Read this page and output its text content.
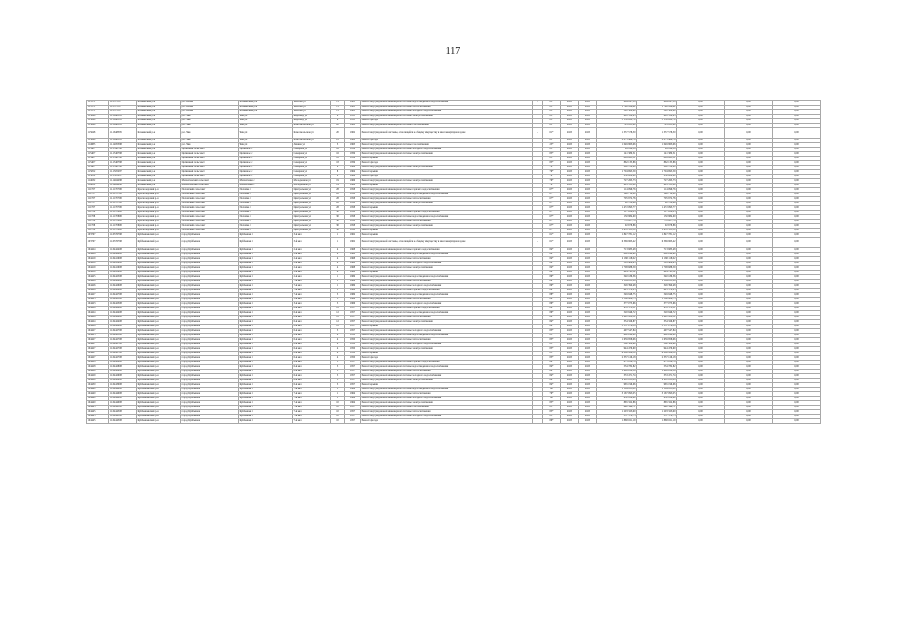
117
115371	11.337.107	Кочкинский р-н	р.п. Кочки	Кочкинский р-н	Чкалова ул	11	1961	Ремонт внутридомовой инженерной системы водоотведения и водоснабжения	-	83*	2025	2025	664 047,18	664 047,18	0,00	0,00	0,00
115371	11.337.107	Кочкинский р-н	р.п. Кочки	Кочкинский р-н	Чкалова ул	11	1961	Ремонт внутридомовой инженерной системы теплоснабжения		83*	2025	2025	1 746 414,92	1 746 414,92	0,00	0,00	0,00
115371	11.337.107	Кочкинский р-н	р.п. Кочки	Кочкинский р-н	Чкалова ул	11	1961	Ремонт внутридомовой инженерной системы холодного водоснабжения		83*	2025	2025	520 300,00	520 300,00	0,00	0,00	0,00
115648	11.1648385	Кочкинский р-н	р.п. Чик	Чик рп	Кирзавод ул	6	1953	Ремонт внутридомовой инженерной системы электроснабжения		83*	2025	2025	661 530,85	661 530,85	0,00	0,00	0,00
115648	11.1648385	Кочкинский р-н	р.п. Чик	Чик рп	Кирзавод ул	6	1953	Ремонт фасада		83*	2025	2025	5 158 622,79	5 158 622,79	0,00	0,00	0,00
115648	11.1648385	Кочкинский р-н	р.п. Чик	Чик рп	Комсомольская ул	20	1962	Ремонт внутридомовой инженерной системы газоснабжения		61*	2025	2025	793 935,80	793 935,80	0,00	0,00	0,00
115648	11.1648385	Кочкинский р-н	р.п. Чик	Чик рп	Комсомольская ул	20	1962	Ремонт внутридомовой системы, относящейся к общему имуществу в многоквартирном доме	-	61*	2025	2025	1 357 578,30	1 357 578,30	0,00	0,00	0,00
115648	11.1648385	Кочкинский р-н	р.п. Чик	Чик рп	Комсомольская ул	23	1962	Ремонт фасада		61*	2025	2025	2 875 466,76	2 875 466,76	0,00	0,00	0,00
114885	11.1485388	Кочкинский р-н	р.п. Чик	Чик рп	Ленина ул	3	1963	Ремонт внутридомовой инженерной системы газоснабжения		25*	2025	2025	1 049 863,66	1 049 863,66	0,00	0,00	0,00
115407	11.1540798	Кочкинский р-н	Целинный сельсовет	Целинное с	Северная ул	16	1959	Ремонт внутридомовой инженерной системы холодного водоснабжения		85*	2025	2025	99 164,38	99 164,38	0,00	0,00	0,00
115407	11.1540798	Кочкинский р-н	Целинный сельсовет	Целинное с	Северная ул	16	1959	Ремонт внутридомовой инженерной системы электроснабжения		85*	2025	2025	141 380,51	141 380,51	0,00	0,00	0,00
115407	11.1540798	Кочкинский р-н	Целинный сельсовет	Целинное с	Северная ул	18	1959	Ремонт крыши		85*	2025	2025	809 063,51	809 063,51	0,00	0,00	0,00
115407	11.1540798	Кочкинский р-н	Целинный сельсовет	Целинное с	Северная ул	18	1959	Ремонт фасада		85*	2025	2025	862 135,86	862 135,86	0,00	0,00	0,00
115407	11.1540798	Кочкинский р-н	Целинный сельсовет	Целинное с	Северная ул	6	1964	Ремонт внутридомовой инженерной системы электроснабжения		76*	2025	2025	200 700,00	200 700,00	0,00	0,00	0,00
115052	11.1505287	Кочкинский р-н	Целинный сельсовет	Целинное с	Северная ул	8	1964	Ремонт крыши		79*	2025	2025	1 704 695,59	1 704 695,59	0,00	0,00	0,00
115052	11.1505287	Кочкинский р-н	Целинный сельсовет	Целинное с	Северная ул	8	1964	Ремонт фасада		79*	2025	2025	250 000,00	250 000,00	0,00	0,00	0,00
114632	11.1464288	Кочкинский р-н	Мохнатовский сельсовет	Мохнатовка с	Молодежная ул	19	1966	Ремонт внутридомовой инженерной системы электроснабжения		76*	2025	2025	727 263,73	727 263,73	0,00	0,00	0,00
114632	11.1464288	Кочкинский р-н	Мохнатовский сельсовет	Мохнатовка с	Молодежная ул	19	1966	Ремонт крыши		76*	2025	2025	903 513,29	903 513,29	0,00	0,00	0,00
111707	11.1170708	Краснозерский р-н	Полойский сельсовет	Полойка с	Центральная ул	28	1958	Ремонт внутридомовой инженерной системы горячего водоснабжения		67*	2025	2025	114 096,76	114 096,76	0,00	0,00	0,00
111707	11.1170708	Краснозерский р-н	Полойский сельсовет	Полойка с	Центральная ул	28	1958	Ремонт внутридомовой инженерной системы водоотведения и водоснабжения		67*	2025	2025	146 710,20	146 710,20	0,00	0,00	0,00
111707	11.1170708	Краснозерский р-н	Полойский сельсовет	Полойка с	Центральная ул	28	1958	Ремонт внутридомовой инженерной системы теплоснабжения		67*	2025	2025	705 972,76	705 972,76	0,00	0,00	0,00
111707	11.1170708	Краснозерский р-н	Полойский сельсовет	Полойка с	Центральная ул	28	1958	Ремонт внутридомовой инженерной системы электроснабжения		67*	2025	2025	92 708,84	92 708,84	0,00	0,00	0,00
111707	11.1170708	Краснозерский р-н	Полойский сельсовет	Полойка с	Центральная ул	28	1958	Ремонт крыши		67*	2025	2025	1 472 093,77	1 472 093,77	0,00	0,00	0,00
111708	11.1170808	Краснозерский р-н	Полойский сельсовет	Полойка с	Центральная ул	30	1958	Ремонт внутридомовой инженерной системы горячего водоснабжения		67*	2025	2025	117 650,23	117 650,23	0,00	0,00	0,00
111708	11.1170808	Краснозерский р-н	Полойский сельсовет	Полойка с	Центральная ул	30	1958	Ремонт внутридомовой инженерной системы водоотведения и водоснабжения		67*	2025	2025	150 884,00	150 884,00	0,00	0,00	0,00
111708	11.1170808	Краснозерский р-н	Полойский сельсовет	Полойка с	Центральная ул	30	1958	Ремонт внутридомовой инженерной системы теплоснабжения		67*	2025	2025	751 007,78	751 007,78	0,00	0,00	0,00
111708	11.1170808	Краснозерский р-н	Полойский сельсовет	Полойка с	Центральная ул	30	1958	Ремонт внутридомовой инженерной системы электроснабжения		67*	2025	2025	92 678,86	92 678,86	0,00	0,00	0,00
111708	11.1170808	Краснозерский р-н	Полойский сельсовет	Полойка с	Центральная ул	30	1958	Ремонт крыши		67*	2025	2025	1 431 353,50	1 431 353,50	0,00	0,00	0,00
103767	11.0376798	Куйбышевский р-н	город Куйбышев	Куйбышев г	3-й квл	1	1962	Ремонт крыши		61*	2025	2025	1 847 781,12	1 847 781,12	0,00	0,00	0,00
103767	11.0376798	Куйбышевский р-н	город Куйбышев	Куйбышев г	3-й квл	1	1962	Ремонт внутридомовой системы, относящейся к общему имуществу в многоквартирном доме	-	61*	2025	2025	6 369 963,42	6 369 963,42	0,00	0,00	0,00
104424	11.0442408	Куйбышевский р-н	город Куйбышев	Куйбышев г	2-й квл	4	1968	Ремонт внутридомовой инженерной системы горячего водоснабжения		84*	2025	2025	713 983,48	713 983,48	0,00	0,00	0,00
104424	11.0442408	Куйбышевский р-н	город Куйбышев	Куйбышев г	2-й квл	4	1968	Ремонт внутридомовой инженерной системы водоотведения и водоснабжения		84*	2025	2025	800 290,90	800 290,90	0,00	0,00	0,00
104419	11.0441908	Куйбышевский р-н	город Куйбышев	Куйбышев г	2-й квл	4	1968	Ремонт внутридомовой инженерной системы теплоснабжения		84*	2025	2025	2 168 118,02	2 168 118,02	0,00	0,00	0,00
104419	11.0441908	Куйбышевский р-н	город Куйбышев	Куйбышев г	2-й квл	4	1968	Ремонт внутридомовой инженерной системы холодного водоснабжения		84*	2025	2025	563 409,45	563 409,45	0,00	0,00	0,00
104419	11.0441908	Куйбышевский р-н	город Куйбышев	Куйбышев г	2-й квл	4	1968	Ремонт внутридомовой инженерной системы электроснабжения		84*	2025	2025	1 708 688,59	1 708 688,59	0,00	0,00	0,00
104419	11.0441908	Куйбышевский р-н	город Куйбышев	Куйбышев г	2-й квл	4	1968	Ремонт крыши		84*	2025	2025	624 745,52	624 745,52	0,00	0,00	0,00
104425	11.0442508	Куйбышевский р-н	город Куйбышев	Куйбышев г	2-й квл	1	1969	Ремонт внутридомовой инженерной системы водоотведения и водоснабжения		89*	2025	2025	540 186,36	540 186,36	0,00	0,00	0,00
104426	11.0442608	Куйбышевский р-н	город Куйбышев	Куйбышев г	7-й квл	1	1969	Ремонт внутридомовой инженерной системы теплоснабжения		89*	2025	2025	1 304 611,24	1 304 611,24	0,00	0,00	0,00
104426	11.0442608	Куйбышевский р-н	город Куйбышев	Куйбышев г	7-й квл	1	1969	Ремонт внутридомовой инженерной системы холодного водоснабжения		89*	2025	2025	326 390,48	326 390,48	0,00	0,00	0,00
104426	11.0442608	Куйбышевский р-н	город Куйбышев	Куйбышев г	7-й квл	1	1969	Ремонт внутридомовой инженерной системы горячего водоснабжения		89*	2025	2025	425 370,25	425 370,25	0,00	0,00	0,00
104427	11.0442708	Куйбышевский р-н	город Куйбышев	Куйбышев г	7-й квл	5	1969	Ремонт внутридомовой инженерной системы водоотведения и водоснабжения		88*	2025	2025	549 948,75	549 948,75	0,00	0,00	0,00
104423	11.0442308	Куйбышевский р-н	город Куйбышев	Куйбышев г	3-й квл	5	1966	Ремонт внутридомовой инженерной системы теплоснабжения		86*	2025	2025	1 586 886,75	1 586 886,75	0,00	0,00	0,00
104423	11.0442308	Куйбышевский р-н	город Куйбышев	Куйбышев г	3-й квл	5	1966	Ремонт внутридомовой инженерной системы холодного водоснабжения		86*	2025	2025	377 073,66	377 073,66	0,00	0,00	0,00
104424	11.0442408	Куйбышевский р-н	город Куйбышев	Куйбышев г	6-й квл	12	1957	Ремонт внутридомовой инженерной системы горячего водоснабжения		86*	2025	2025	476 372,11	476 372,11	0,00	0,00	0,00
104424	11.0442408	Куйбышевский р-н	город Куйбышев	Куйбышев г	6-й квл	12	1957	Ремонт внутридомовой инженерной системы водоотведения и водоснабжения		86*	2025	2025	520 946,72	520 946,72	0,00	0,00	0,00
104424	11.0442408	Куйбышевский р-н	город Куйбышев	Куйбышев г	6-й квл	12	1957	Ремонт внутридомовой инженерной системы теплоснабжения		84*	2025	2025	1 622 452,32	1 622 452,32	0,00	0,00	0,00
104424	11.0442408	Куйбышевский р-н	город Куйбышев	Куйбышев г	6-й квл	12	1957	Ремонт внутридомовой инженерной системы электроснабжения		84*	2025	2025	354 326,87	354 326,87	0,00	0,00	0,00
104424	11.0442408	Куйбышевский р-н	город Куйбышев	Куйбышев г	6-й квл	12	1957	Ремонт крыши		84*	2025	2025	5 537 078,38	5 537 078,38	0,00	0,00	0,00
104427	11.0442708	Куйбышевский р-н	город Куйбышев	Куйбышев г	6-й квл	5	1957	Ремонт внутридомовой инженерной системы холодного водоснабжения		83*	2025	2025	497 547,84	497 547,84	0,00	0,00	0,00
104425	11.0442508	Куйбышевский р-н	город Куйбышев	Куйбышев г	6-й квл	4	1950	Ремонт внутридомовой инженерной системы водоотведения и водоснабжения		83*	2025	2025	400 290,00	400 290,00	0,00	0,00	0,00
104427	11.0442708	Куйбышевский р-н	город Куйбышев	Куйбышев г	6-й квл	4	1950	Ремонт внутридомовой инженерной системы теплоснабжения		83*	2025	2025	1 659 858,66	1 659 858,66	0,00	0,00	0,00
104427	11.0442708	Куйбышевский р-н	город Куйбышев	Куйбышев г	6-й квл	4	1950	Ремонт внутридомовой инженерной системы холодного водоснабжения		83*	2025	2025	362 580,99	362 580,99	0,00	0,00	0,00
104427	11.0442708	Куйбышевский р-н	город Куйбышев	Куйбышев г	6-й квл	4	1950	Ремонт внутридомовой инженерной системы электроснабжения		83*	2025	2025	944 476,90	944 476,90	0,00	0,00	0,00
104427	11.0442708	Куйбышевский р-н	город Куйбышев	Куйбышев г	6-й квл	4	1950	Ремонт крыши		83*	2025	2025	4 088 434,59	4 088 434,59	0,00	0,00	0,00
104427	11.0442708	Куйбышевский р-н	город Куйбышев	Куйбышев г	6-й квл	4	1950	Ремонт фасада		83*	2025	2025	2 337 126,18	2 337 126,18	0,00	0,00	0,00
104428	11.0442808	Куйбышевский р-н	город Куйбышев	Куйбышев г	6-й квл	5	1957	Ремонт внутридомовой инженерной системы горячего водоснабжения		84*	2025	2025	471 054,78	471 054,78	0,00	0,00	0,00
104428	11.0442808	Куйбышевский р-н	город Куйбышев	Куйбышев г	6-й квл	5	1957	Ремонт внутридомовой инженерной системы водоотведения и водоснабжения		84*	2025	2025	534 782,82	534 782,82	0,00	0,00	0,00
104429	11.0442908	Куйбышевский р-н	город Куйбышев	Куйбышев г	6-й квл	5	1957	Ремонт внутридомовой инженерной системы теплоснабжения		84*	2025	2025	1 608 618,14	1 608 618,14	0,00	0,00	0,00
104429	11.0442908	Куйбышевский р-н	город Куйбышев	Куйбышев г	6-й квл	5	1957	Ремонт внутридомовой инженерной системы холодного водоснабжения		84*	2025	2025	353 471,74	353 471,74	0,00	0,00	0,00
104429	11.0442908	Куйбышевский р-н	город Куйбышев	Куйбышев г	6-й квл	5	1957	Ремонт внутридомовой инженерной системы электроснабжения		84*	2025	2025	2 012 611,88	2 012 611,88	0,00	0,00	0,00
104430	11.0443008	Куйбышевский р-н	город Куйбышев	Куйбышев г	6-й квл	5	1957	Ремонт крыши		84*	2025	2025	965 196,06	965 196,06	0,00	0,00	0,00
104440	11.0444008	Куйбышевский р-н	город Куйбышев	Куйбышев г	7-й квл	1	1964	Ремонт внутридомовой инженерной системы водоотведения и водоснабжения		60	2025	2025	1 184 935,00	1 184 935,00	0,00	0,00	0,00
104440	11.0444008	Куйбышевский р-н	город Куйбышев	Куйбышев г	7-й квл	1	1964	Ремонт внутридомовой инженерной системы теплоснабжения		79*	2025	2025	3 167 095,05	3 167 095,05	0,00	0,00	0,00
104440	11.0444008	Куйбышевский р-н	город Куйбышев	Куйбышев г	7-й квл	1	1964	Ремонт внутридомовой инженерной системы холодного водоснабжения		60	2025	2025	952 186,80	952 186,80	0,00	0,00	0,00
104440	11.0444008	Куйбышевский р-н	город Куйбышев	Куйбышев г	7-й квл	10	1964	Ремонт внутридомовой инженерной системы электроснабжения		85*	2025	2025	865 322,86	865 322,86	0,00	0,00	0,00
104445	11.0444508	Куйбышевский р-н	город Куйбышев	Куйбышев г	7-й квл	10	1957	Ремонт внутридомовой инженерной системы газоснабжения		85*	2025	2025	440 344,71	440 344,71	0,00	0,00	0,00
104445	11.0444508	Куйбышевский р-н	город Куйбышев	Куйбышев г	7-й квл	10	1957	Ремонт внутридомовой инженерной системы теплоснабжения		85*	2025	2025	1 203 323,60	1 203 323,60	0,00	0,00	0,00
104445	11.0444508	Куйбышевский р-н	город Куйбышев	Куйбышев г	7-й квл	10	1957	Ремонт внутридомовой инженерной системы холодного водоснабжения		85*	2025	2025	357 370,73	357 370,73	0,00	0,00	0,00
104445	11.0444508	Куйбышевский р-н	город Куйбышев	Куйбышев г	7-й квл	10	1957	Ремонт фасада		86*	2025	2025	1 868 021,19	1 868 021,19	0,00	0,00	0,00
